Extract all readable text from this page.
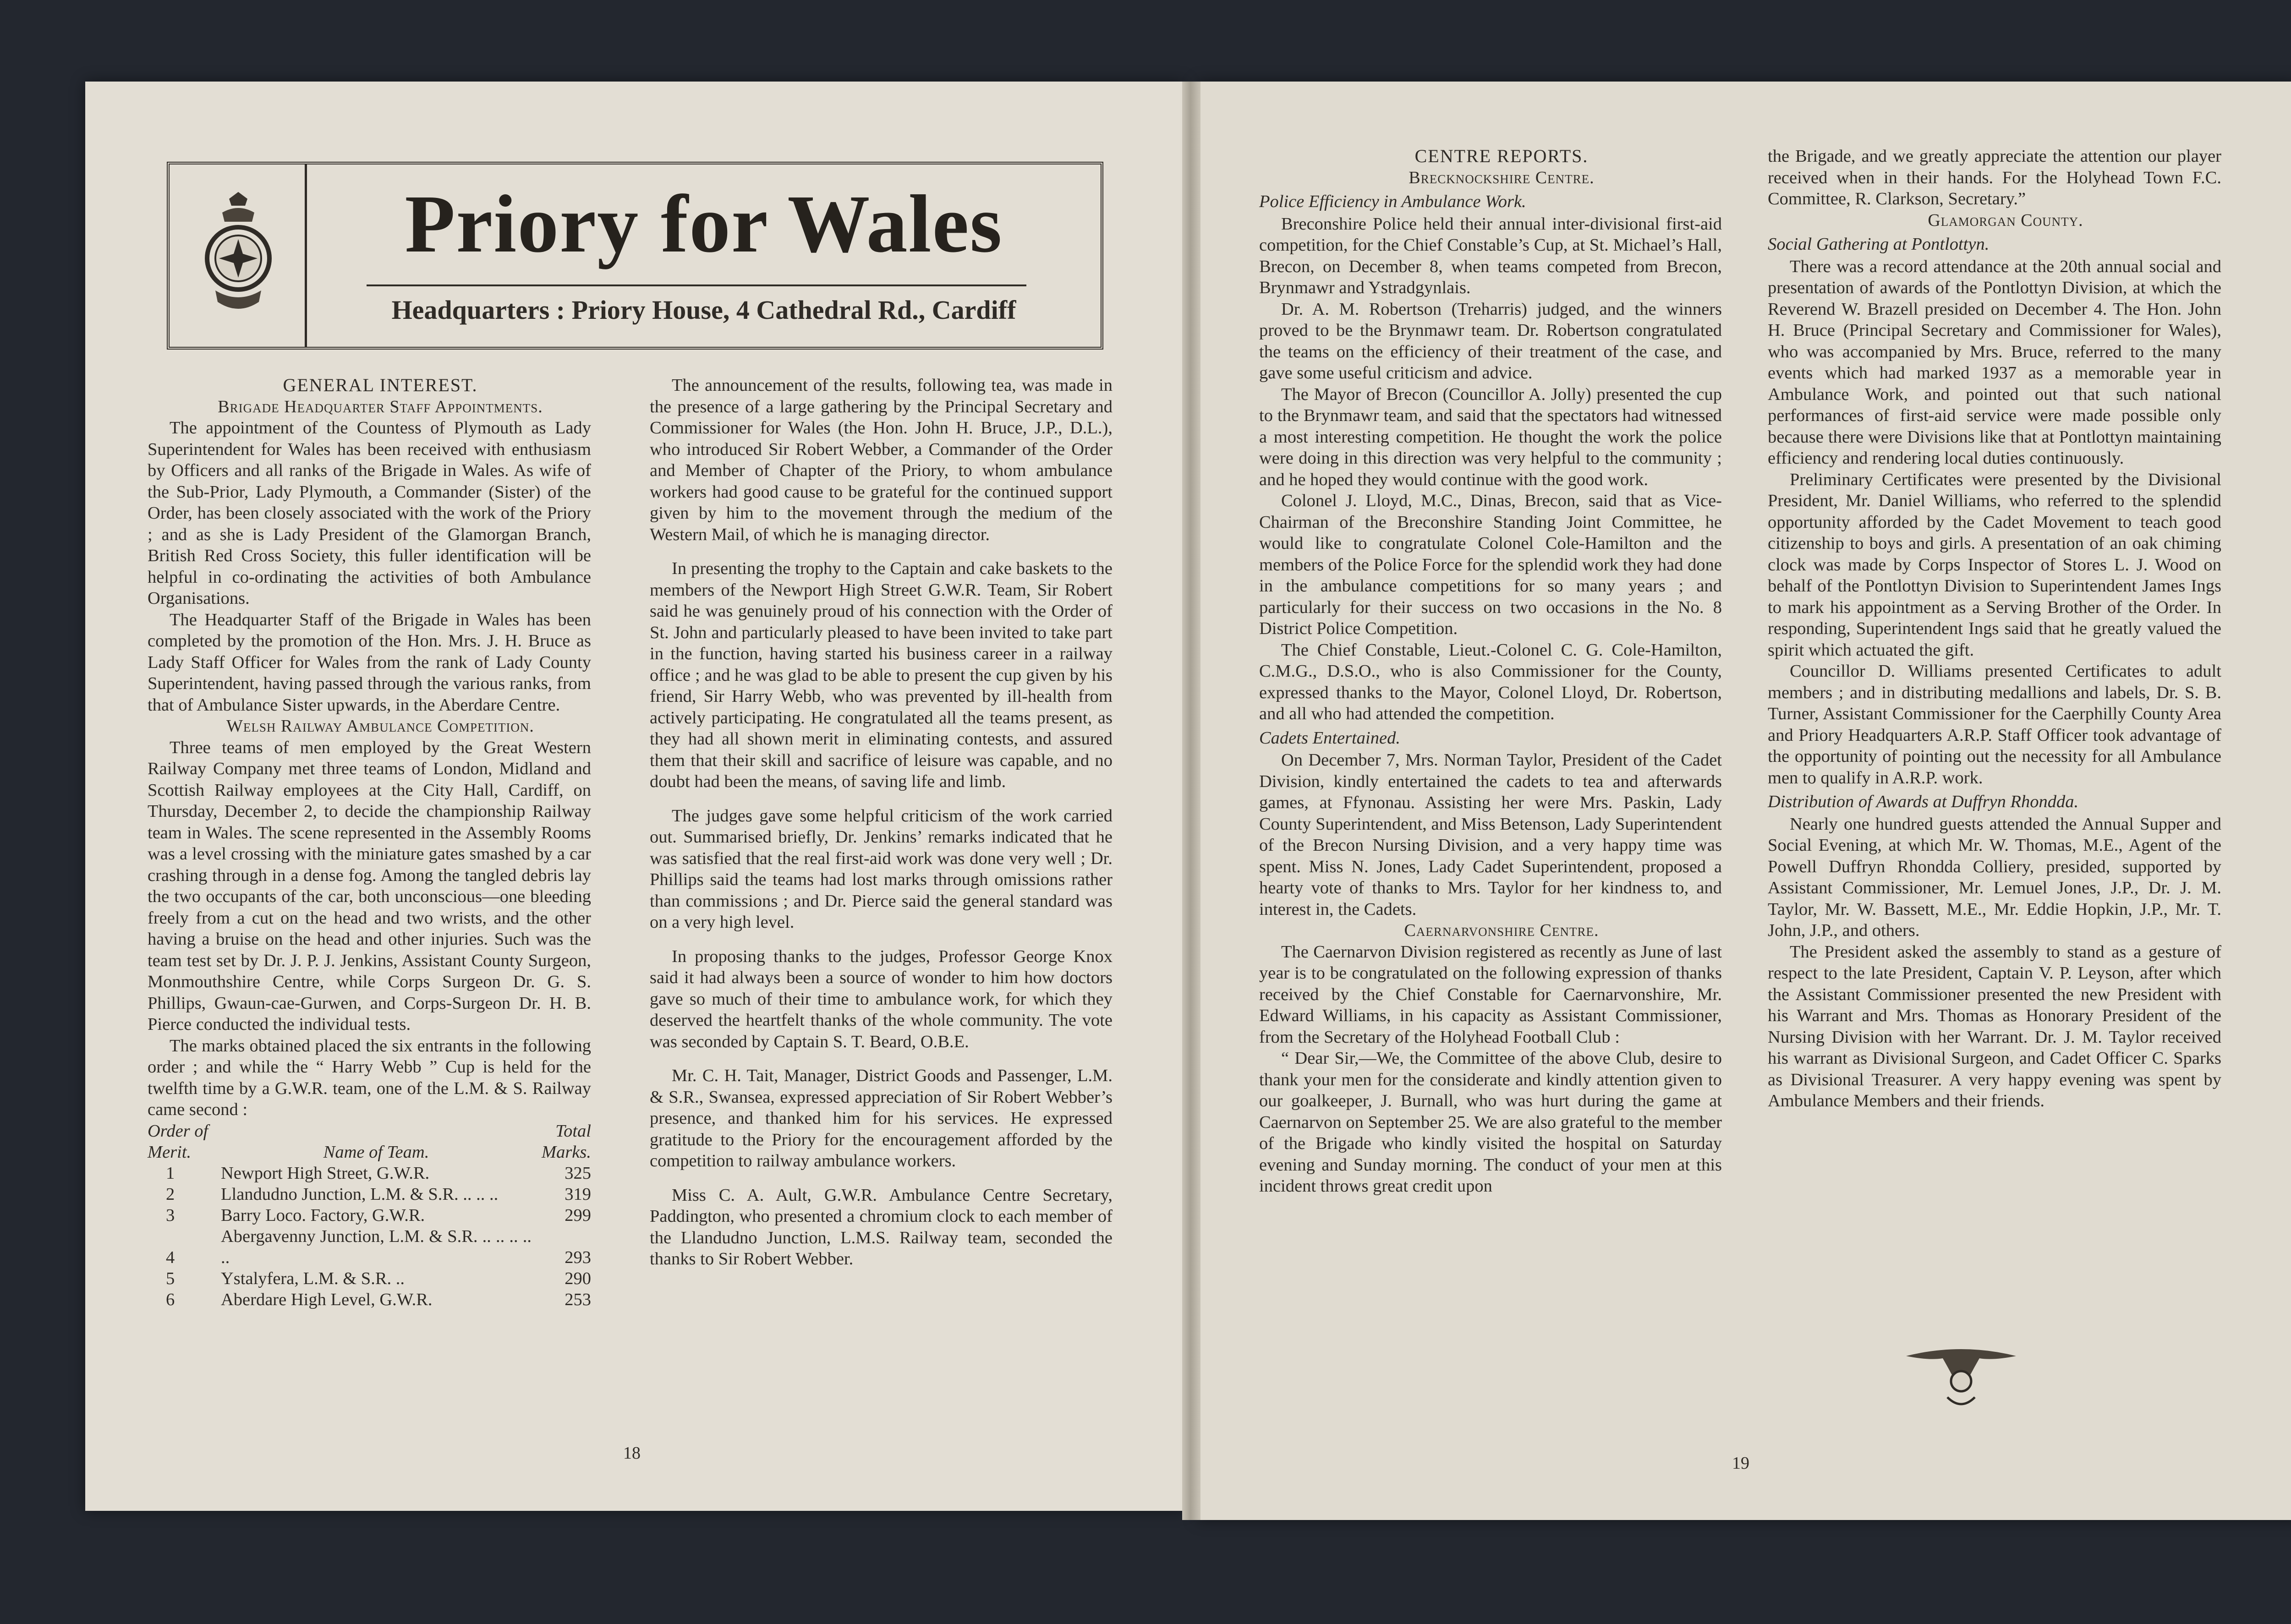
Priory for Wales
Headquarters : Priory House, 4 Cathedral Rd., Cardiff

GENERAL INTEREST.

Brigade Headquarter Staff Appointments.

The appointment of the Countess of Plymouth as Lady Superintendent for Wales has been received with enthusiasm by Officers and all ranks of the Brigade in Wales. As wife of the Sub-Prior, Lady Plymouth, a Commander (Sister) of the Order, has been closely associated with the work of the Priory ; and as she is Lady President of the Glamorgan Branch, British Red Cross Society, this fuller identification will be helpful in co-ordinating the activities of both Ambulance Organisations.

The Headquarter Staff of the Brigade in Wales has been completed by the promotion of the Hon. Mrs. J. H. Bruce as Lady Staff Officer for Wales from the rank of Lady County Superintendent, having passed through the various ranks, from that of Ambulance Sister upwards, in the Aberdare Centre.

Welsh Railway Ambulance Competition.

Three teams of men employed by the Great Western Railway Company met three teams of London, Midland and Scottish Railway employees at the City Hall, Cardiff, on Thursday, December 2, to decide the championship Railway team in Wales. The scene represented in the Assembly Rooms was a level crossing with the miniature gates smashed by a car crashing through in a dense fog. Among the tangled debris lay the two occupants of the car, both unconscious—one bleeding freely from a cut on the head and two wrists, and the other having a bruise on the head and other injuries. Such was the team test set by Dr. J. P. J. Jenkins, Assistant County Surgeon, Monmouthshire Centre, while Corps Surgeon Dr. G. S. Phillips, Gwaun-cae-Gurwen, and Corps-Surgeon Dr. H. B. Pierce conducted the individual tests.

The marks obtained placed the six entrants in the following order ; and while the “ Harry Webb ” Cup is held for the twelfth time by a G.W.R. team, one of the L.M. & S. Railway came second :

Order of Merit.	Name of Team.	Total Marks.
1	Newport High Street, G.W.R.	325
2	Llandudno Junction, L.M. & S.R. .. .. ..	319
3	Barry Loco. Factory, G.W.R.	299
4	Abergavenny Junction, L.M. & S.R. .. .. .. .. ..	293
5	Ystalyfera, L.M. & S.R. ..	290
6	Aberdare High Level, G.W.R.	253

The announcement of the results, following tea, was made in the presence of a large gathering by the Principal Secretary and Commissioner for Wales (the Hon. John H. Bruce, J.P., D.L.), who introduced Sir Robert Webber, a Commander of the Order and Member of Chapter of the Priory, to whom ambulance workers had good cause to be grateful for the continued support given by him to the movement through the medium of the Western Mail, of which he is managing director.

In presenting the trophy to the Captain and cake baskets to the members of the Newport High Street G.W.R. Team, Sir Robert said he was genuinely proud of his connection with the Order of St. John and particularly pleased to have been invited to take part in the function, having started his business career in a railway office ; and he was glad to be able to present the cup given by his friend, Sir Harry Webb, who was prevented by ill-health from actively participating. He congratulated all the teams present, as they had all shown merit in eliminating contests, and assured them that their skill and sacrifice of leisure was capable, and no doubt had been the means, of saving life and limb.

The judges gave some helpful criticism of the work carried out. Summarised briefly, Dr. Jenkins’ remarks indicated that he was satisfied that the real first-aid work was done very well ; Dr. Phillips said the teams had lost marks through omissions rather than commissions ; and Dr. Pierce said the general standard was on a very high level.

In proposing thanks to the judges, Professor George Knox said it had always been a source of wonder to him how doctors gave so much of their time to ambulance work, for which they deserved the heartfelt thanks of the whole community. The vote was seconded by Captain S. T. Beard, O.B.E.

Mr. C. H. Tait, Manager, District Goods and Passenger, L.M. & S.R., Swansea, expressed appreciation of Sir Robert Webber’s presence, and thanked him for his services. He expressed gratitude to the Priory for the encouragement afforded by the competition to railway ambulance workers.

Miss C. A. Ault, G.W.R. Ambulance Centre Secretary, Paddington, who presented a chromium clock to each member of the Llandudno Junction, L.M.S. Railway team, seconded the thanks to Sir Robert Webber.

18

CENTRE REPORTS.

Brecknockshire Centre.

Police Efficiency in Ambulance Work.

Breconshire Police held their annual inter-divisional first-aid competition, for the Chief Constable’s Cup, at St. Michael’s Hall, Brecon, on December 8, when teams competed from Brecon, Brynmawr and Ystradgynlais.

Dr. A. M. Robertson (Treharris) judged, and the winners proved to be the Brynmawr team. Dr. Robertson congratulated the teams on the efficiency of their treatment of the case, and gave some useful criticism and advice.

The Mayor of Brecon (Councillor A. Jolly) presented the cup to the Brynmawr team, and said that the spectators had witnessed a most interesting competition. He thought the work the police were doing in this direction was very helpful to the community ; and he hoped they would continue with the good work.

Colonel J. Lloyd, M.C., Dinas, Brecon, said that as Vice-Chairman of the Breconshire Standing Joint Committee, he would like to congratulate Colonel Cole-Hamilton and the members of the Police Force for the splendid work they had done in the ambulance competitions for so many years ; and particularly for their success on two occasions in the No. 8 District Police Competition.

The Chief Constable, Lieut.-Colonel C. G. Cole-Hamilton, C.M.G., D.S.O., who is also Commissioner for the County, expressed thanks to the Mayor, Colonel Lloyd, Dr. Robertson, and all who had attended the competition.

Cadets Entertained.

On December 7, Mrs. Norman Taylor, President of the Cadet Division, kindly entertained the cadets to tea and afterwards games, at Ffynonau. Assisting her were Mrs. Paskin, Lady County Superintendent, and Miss Betenson, Lady Superintendent of the Brecon Nursing Division, and a very happy time was spent. Miss N. Jones, Lady Cadet Superintendent, proposed a hearty vote of thanks to Mrs. Taylor for her kindness to, and interest in, the Cadets.

Caernarvonshire Centre.

The Caernarvon Division registered as recently as June of last year is to be congratulated on the following expression of thanks received by the Chief Constable for Caernarvonshire, Mr. Edward Williams, in his capacity as Assistant Commissioner, from the Secretary of the Holyhead Football Club :

“ Dear Sir,—We, the Committee of the above Club, desire to thank your men for the considerate and kindly attention given to our goalkeeper, J. Burnall, who was hurt during the game at Caernarvon on September 25. We are also grateful to the member of the Brigade who kindly visited the hospital on Saturday evening and Sunday morning. The conduct of your men at this incident throws great credit upon

the Brigade, and we greatly appreciate the attention our player received when in their hands. For the Holyhead Town F.C. Committee, R. Clarkson, Secretary.”

Glamorgan County.

Social Gathering at Pontlottyn.

There was a record attendance at the 20th annual social and presentation of awards of the Pontlottyn Division, at which the Reverend W. Brazell presided on December 4. The Hon. John H. Bruce (Principal Secretary and Commissioner for Wales), who was accompanied by Mrs. Bruce, referred to the many events which had marked 1937 as a memorable year in Ambulance Work, and pointed out that such national performances of first-aid service were made possible only because there were Divisions like that at Pontlottyn maintaining efficiency and rendering local duties continuously.

Preliminary Certificates were presented by the Divisional President, Mr. Daniel Williams, who referred to the splendid opportunity afforded by the Cadet Movement to teach good citizenship to boys and girls. A presentation of an oak chiming clock was made by Corps Inspector of Stores L. J. Wood on behalf of the Pontlottyn Division to Superintendent James Ings to mark his appointment as a Serving Brother of the Order. In responding, Superintendent Ings said that he greatly valued the spirit which actuated the gift.

Councillor D. Williams presented Certificates to adult members ; and in distributing medallions and labels, Dr. S. B. Turner, Assistant Commissioner for the Caerphilly County Area and Priory Headquarters A.R.P. Staff Officer took advantage of the opportunity of pointing out the necessity for all Ambulance men to qualify in A.R.P. work.

Distribution of Awards at Duffryn Rhondda.

Nearly one hundred guests attended the Annual Supper and Social Evening, at which Mr. W. Thomas, M.E., Agent of the Powell Duffryn Rhondda Colliery, presided, supported by Assistant Commissioner, Mr. Lemuel Jones, J.P., Dr. J. M. Taylor, Mr. W. Bassett, M.E., Mr. Eddie Hopkin, J.P., Mr. T. John, J.P., and others.

The President asked the assembly to stand as a gesture of respect to the late President, Captain V. P. Leyson, after which the Assistant Commissioner presented the new President with his Warrant and Mrs. Thomas as Honorary President of the Nursing Division with her Warrant. Dr. J. M. Taylor received his warrant as Divisional Surgeon, and Cadet Officer C. Sparks as Divisional Treasurer. A very happy evening was spent by Ambulance Members and their friends.

19
